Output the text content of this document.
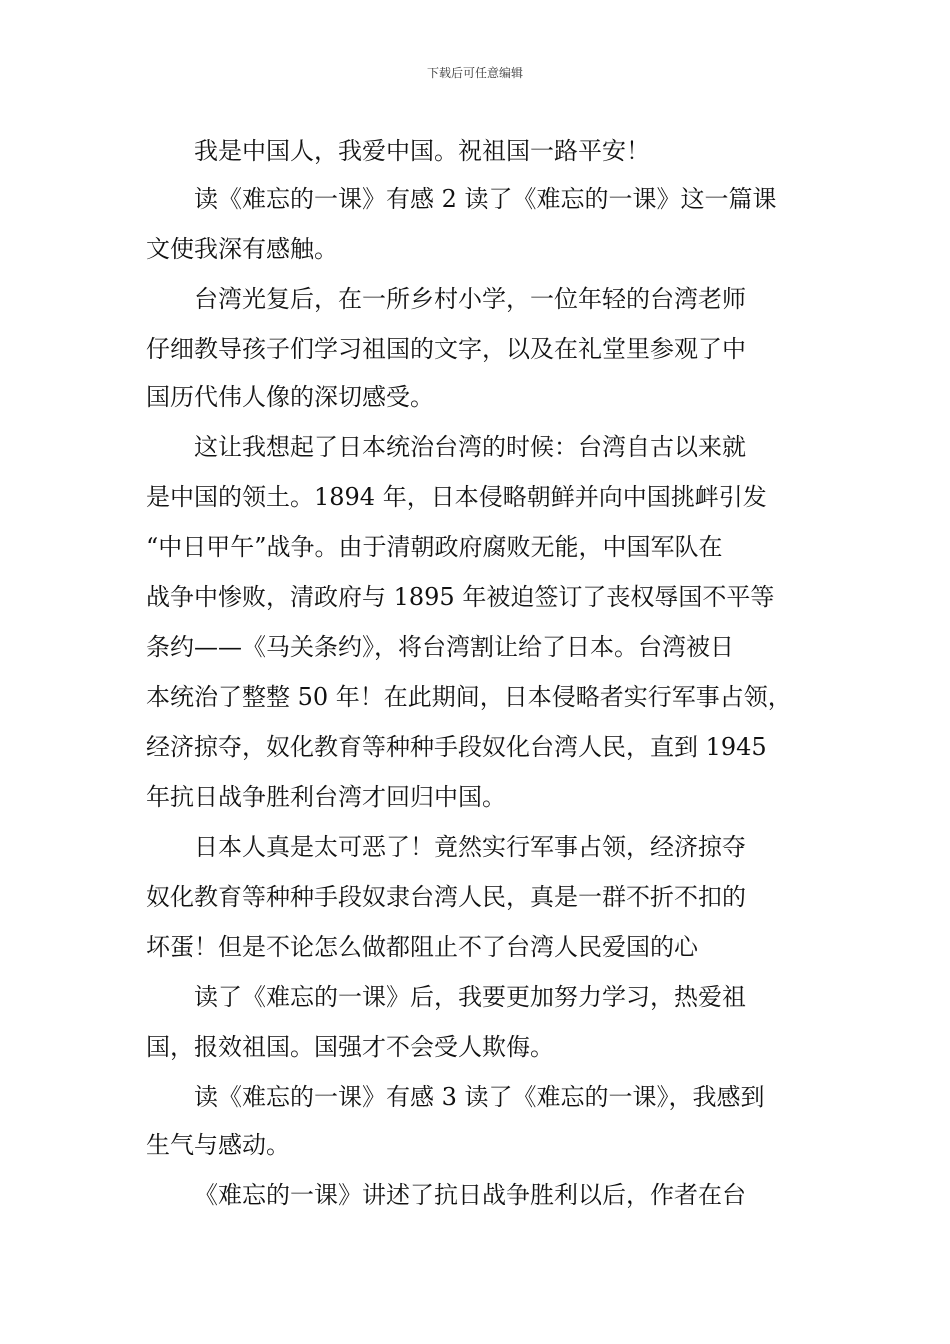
下载后可任意编辑
我是中国人，我爱中国。祝祖国一路平安！
读《难忘的一课》有感 2 读了《难忘的一课》这一篇课
文使我深有感触。
台湾光复后，在一所乡村小学，一位年轻的台湾老师
仔细教导孩子们学习祖国的文字，以及在礼堂里参观了中
国历代伟人像的深切感受。
这让我想起了日本统治台湾的时候：台湾自古以来就
是中国的领土。1894 年，日本侵略朝鲜并向中国挑衅引发
“中日甲午”战争。由于清朝政府腐败无能，中国军队在
战争中惨败，清政府与 1895 年被迫签订了丧权辱国不平等
条约——《马关条约》，将台湾割让给了日本。台湾被日
本统治了整整 50 年！在此期间，日本侵略者实行军事占领，
经济掠夺，奴化教育等种种手段奴化台湾人民，直到 1945
年抗日战争胜利台湾才回归中国。
日本人真是太可恶了！竟然实行军事占领，经济掠夺
奴化教育等种种手段奴隶台湾人民，真是一群不折不扣的
坏蛋！但是不论怎么做都阻止不了台湾人民爱国的心
读了《难忘的一课》后，我要更加努力学习，热爱祖
国，报效祖国。国强才不会受人欺侮。
读《难忘的一课》有感 3 读了《难忘的一课》，我感到
生气与感动。
《难忘的一课》讲述了抗日战争胜利以后，作者在台
